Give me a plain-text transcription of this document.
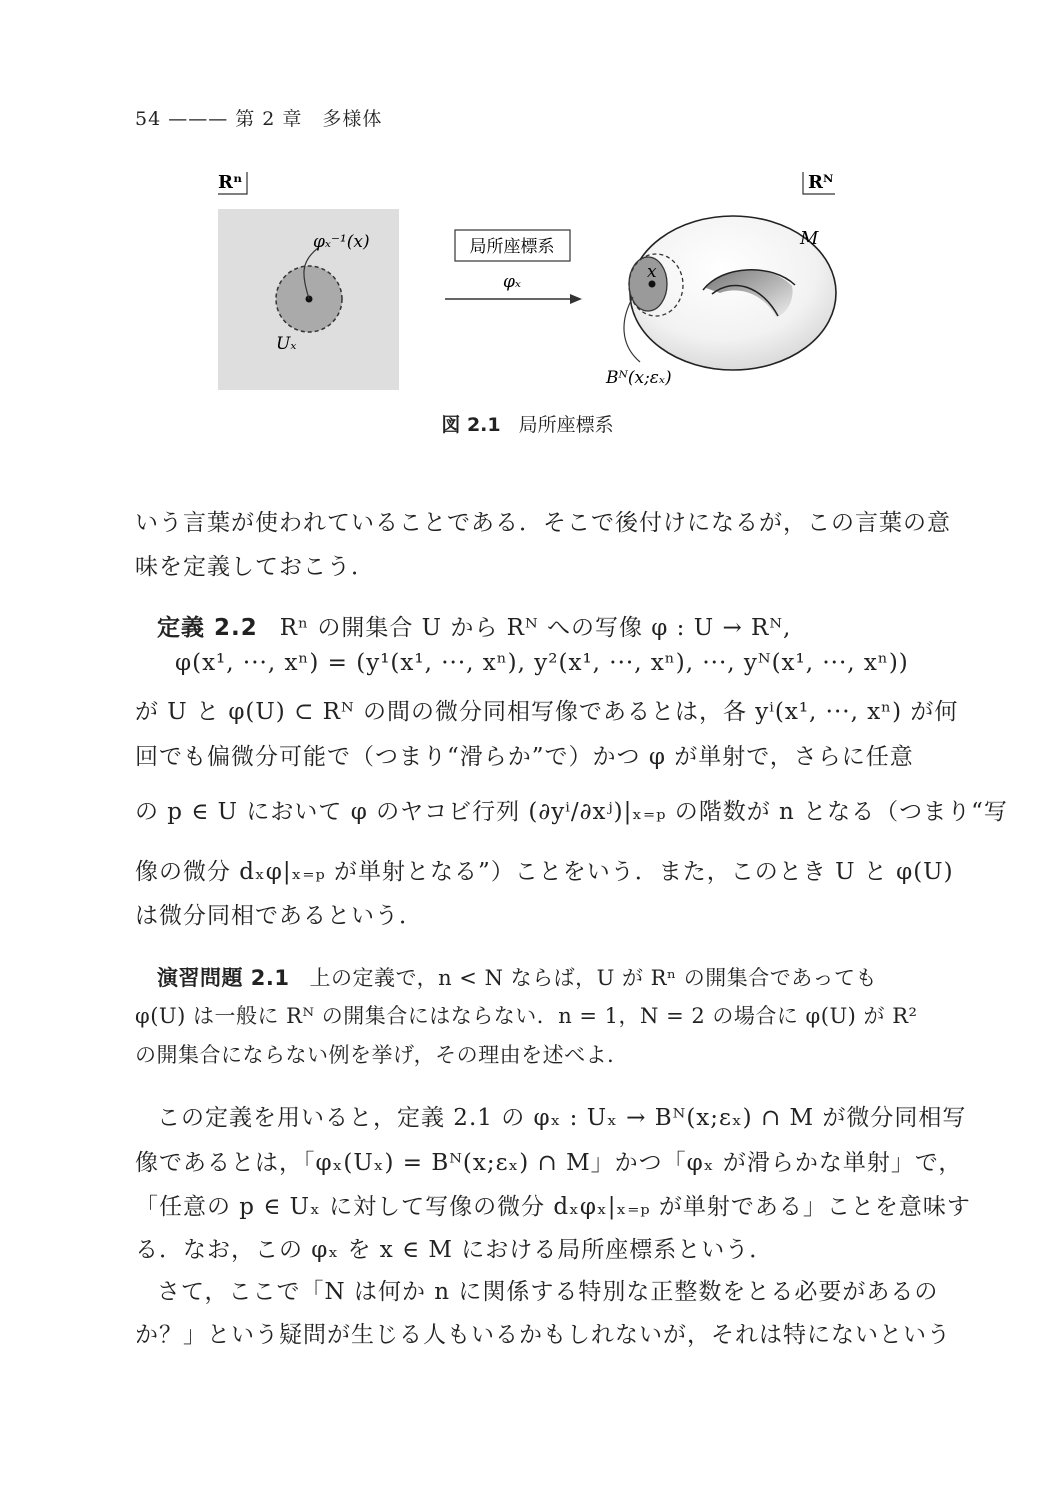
54 ——— 第 2 章　多様体
Rⁿ
φₓ⁻¹(x)
Uₓ
局所座標系
φₓ
Rᴺ
M
x
Bᴺ(x;εₓ)
図 2.1 局所座標系
いう言葉が使われていることである．そこで後付けになるが，この言葉の意
味を定義しておこう．
定義 2.2 Rⁿ の開集合 U から Rᴺ への写像 φ : U → Rᴺ,
φ(x¹, ···, xⁿ) = (y¹(x¹, ···, xⁿ), y²(x¹, ···, xⁿ), ···, yᴺ(x¹, ···, xⁿ))
が U と φ(U) ⊂ Rᴺ の間の微分同相写像であるとは，各 yⁱ(x¹, ···, xⁿ) が何
回でも偏微分可能で（つまり“滑らか”で）かつ φ が単射で，さらに任意
の p ∈ U において φ のヤコビ行列 (∂yⁱ/∂xʲ)|ₓ₌ₚ の階数が n となる（つまり“写
像の微分 dₓφ|ₓ₌ₚ が単射となる”）ことをいう．また，このとき U と φ(U)
は微分同相であるという．
演習問題 2.1 上の定義で，n < N ならば，U が Rⁿ の開集合であっても
φ(U) は一般に Rᴺ の開集合にはならない．n = 1，N = 2 の場合に φ(U) が R²
の開集合にならない例を挙げ，その理由を述べよ．
この定義を用いると，定義 2.1 の φₓ : Uₓ → Bᴺ(x;εₓ) ∩ M が微分同相写
像であるとは，「φₓ(Uₓ) = Bᴺ(x;εₓ) ∩ M」かつ「φₓ が滑らかな単射」で，
「任意の p ∈ Uₓ に対して写像の微分 dₓφₓ|ₓ₌ₚ が単射である」ことを意味す
る．なお，この φₓ を x ∈ M における局所座標系という．
さて，ここで「N は何か n に関係する特別な正整数をとる必要があるの
か？」という疑問が生じる人もいるかもしれないが，それは特にないという
